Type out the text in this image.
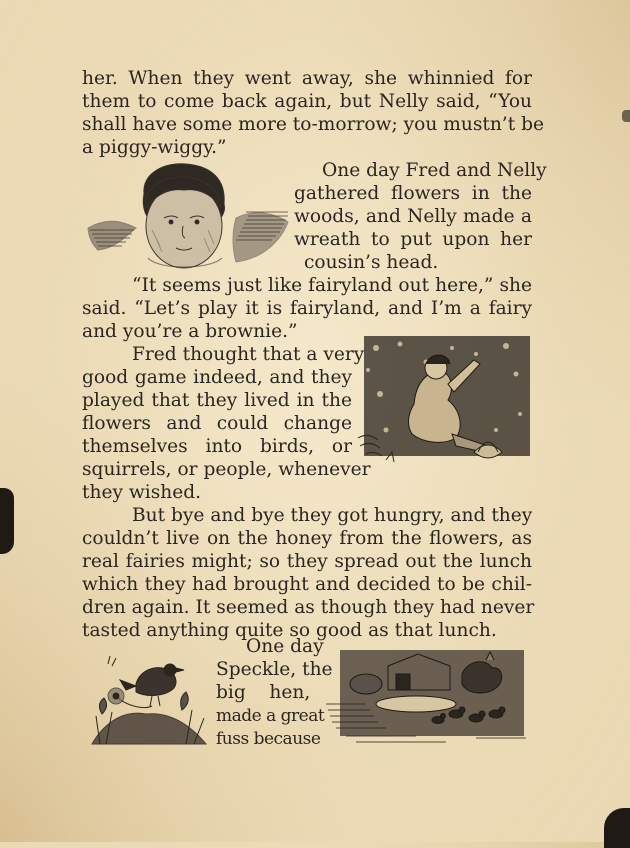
her. When they went away, she whinnied for
them to come back again, but Nelly said, “You
shall have some more to-morrow; you mustn’t be
a piggy-wiggy.”
One day Fred and Nelly
gathered flowers in the
woods, and Nelly made a
wreath to put upon her
cousin’s head.
“It seems just like fairyland out here,” she
said. “Let’s play it is fairyland, and I’m a fairy
and you’re a brownie.”
Fred thought that a very
good game indeed, and they
played that they lived in the
flowers and could change
themselves into birds, or
squirrels, or people, whenever
they wished.
But bye and bye they got hungry, and they
couldn’t live on the honey from the flowers, as
real fairies might; so they spread out the lunch
which they had brought and decided to be chil-
dren again. It seemed as though they had never
tasted anything quite so good as that lunch.
One day
Speckle, the
big    hen,
made a great
fuss because
